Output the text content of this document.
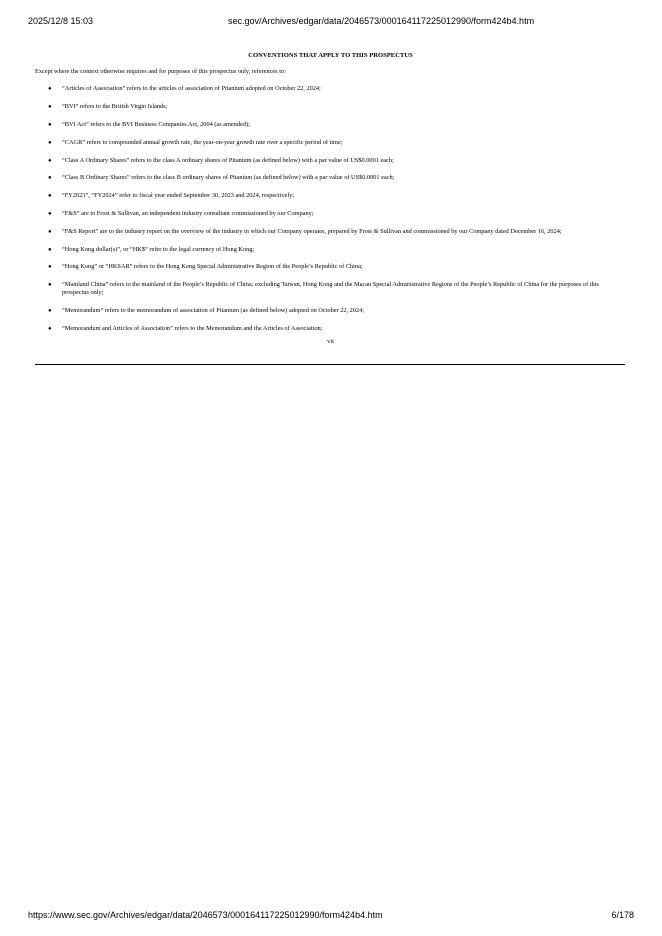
2025/12/8 15:03	sec.gov/Archives/edgar/data/2046573/000164117225012990/form424b4.htm
CONVENTIONS THAT APPLY TO THIS PROSPECTUS

Except where the context otherwise requires and for purposes of this prospectus only, references to:

● “Articles of Association” refers to the articles of association of Pitanium adopted on October 22, 2024;
● “BVI” refers to the British Virgin Islands;
● “BVI Act” refers to the BVI Business Companies Act, 2004 (as amended);
● “CAGR” refers to compounded annual growth rate, the year-on-year growth rate over a specific period of time;
● “Class A Ordinary Shares” refers to the class A ordinary shares of Pitanium (as defined below) with a par value of US$0.0001 each;
● “Class B Ordinary Shares” refers to the class B ordinary shares of Pitanium (as defined below) with a par value of US$0.0001 each;
● “FY2023”, “FY2024” refer to fiscal year ended September 30, 2023 and 2024, respectively;
● “F&S” are to Frost & Sullivan, an independent industry consultant commissioned by our Company;
● “F&S Report” are to the industry report on the overview of the industry in which our Company operates, prepared by Frost & Sullivan and commissioned by our Company dated December 16, 2024;
● “Hong Kong dollar(s)”, or “HK$” refer to the legal currency of Hong Kong;
● “Hong Kong” or “HKSAR” refers to the Hong Kong Special Administrative Region of the People’s Republic of China;
● “Mainland China” refers to the mainland of the People’s Republic of China; excluding Taiwan, Hong Kong and the Macau Special Administrative Regions of the People’s Republic of China for the purposes of this prospectus only;
● “Memorandum” refers to the memorandum of association of Pitanium (as defined below) adopted on October 22, 2024;
● “Memorandum and Articles of Association” refers to the Memorandum and the Articles of Association;
vii
https://www.sec.gov/Archives/edgar/data/2046573/000164117225012990/form424b4.htm	6/178
